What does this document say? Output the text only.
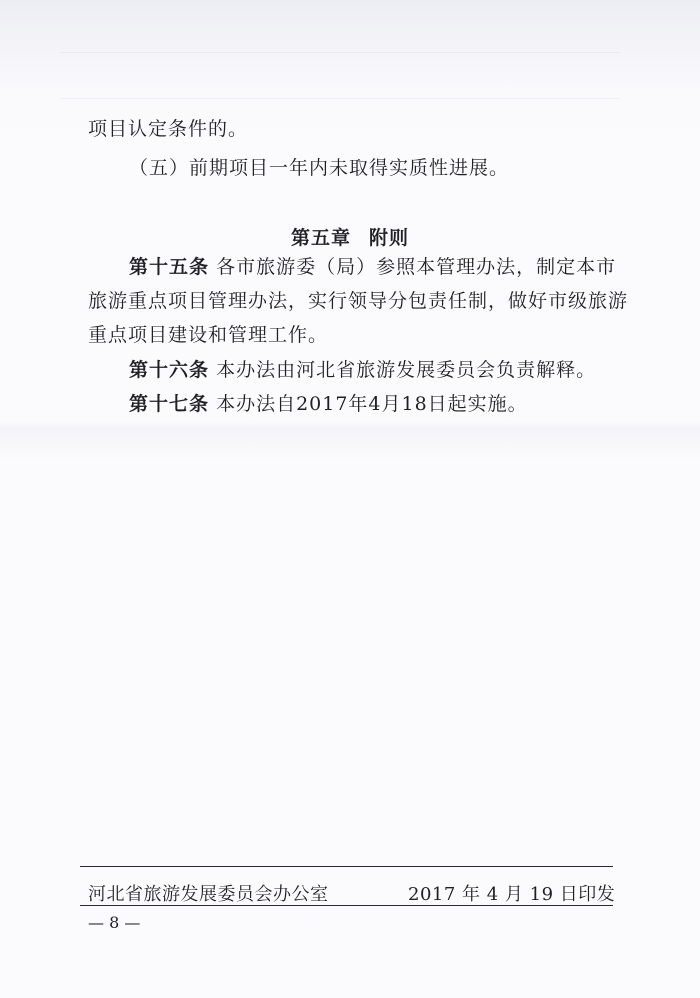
项目认定条件的。
（五）前期项目一年内未取得实质性进展。
第五章 附则
第十五条 各市旅游委（局）参照本管理办法，制定本市
旅游重点项目管理办法，实行领导分包责任制，做好市级旅游
重点项目建设和管理工作。
第十六条 本办法由河北省旅游发展委员会负责解释。
第十七条 本办法自2017年4月18日起实施。
河北省旅游发展委员会办公室	2017 年 4 月 19 日印发
— 8 —
